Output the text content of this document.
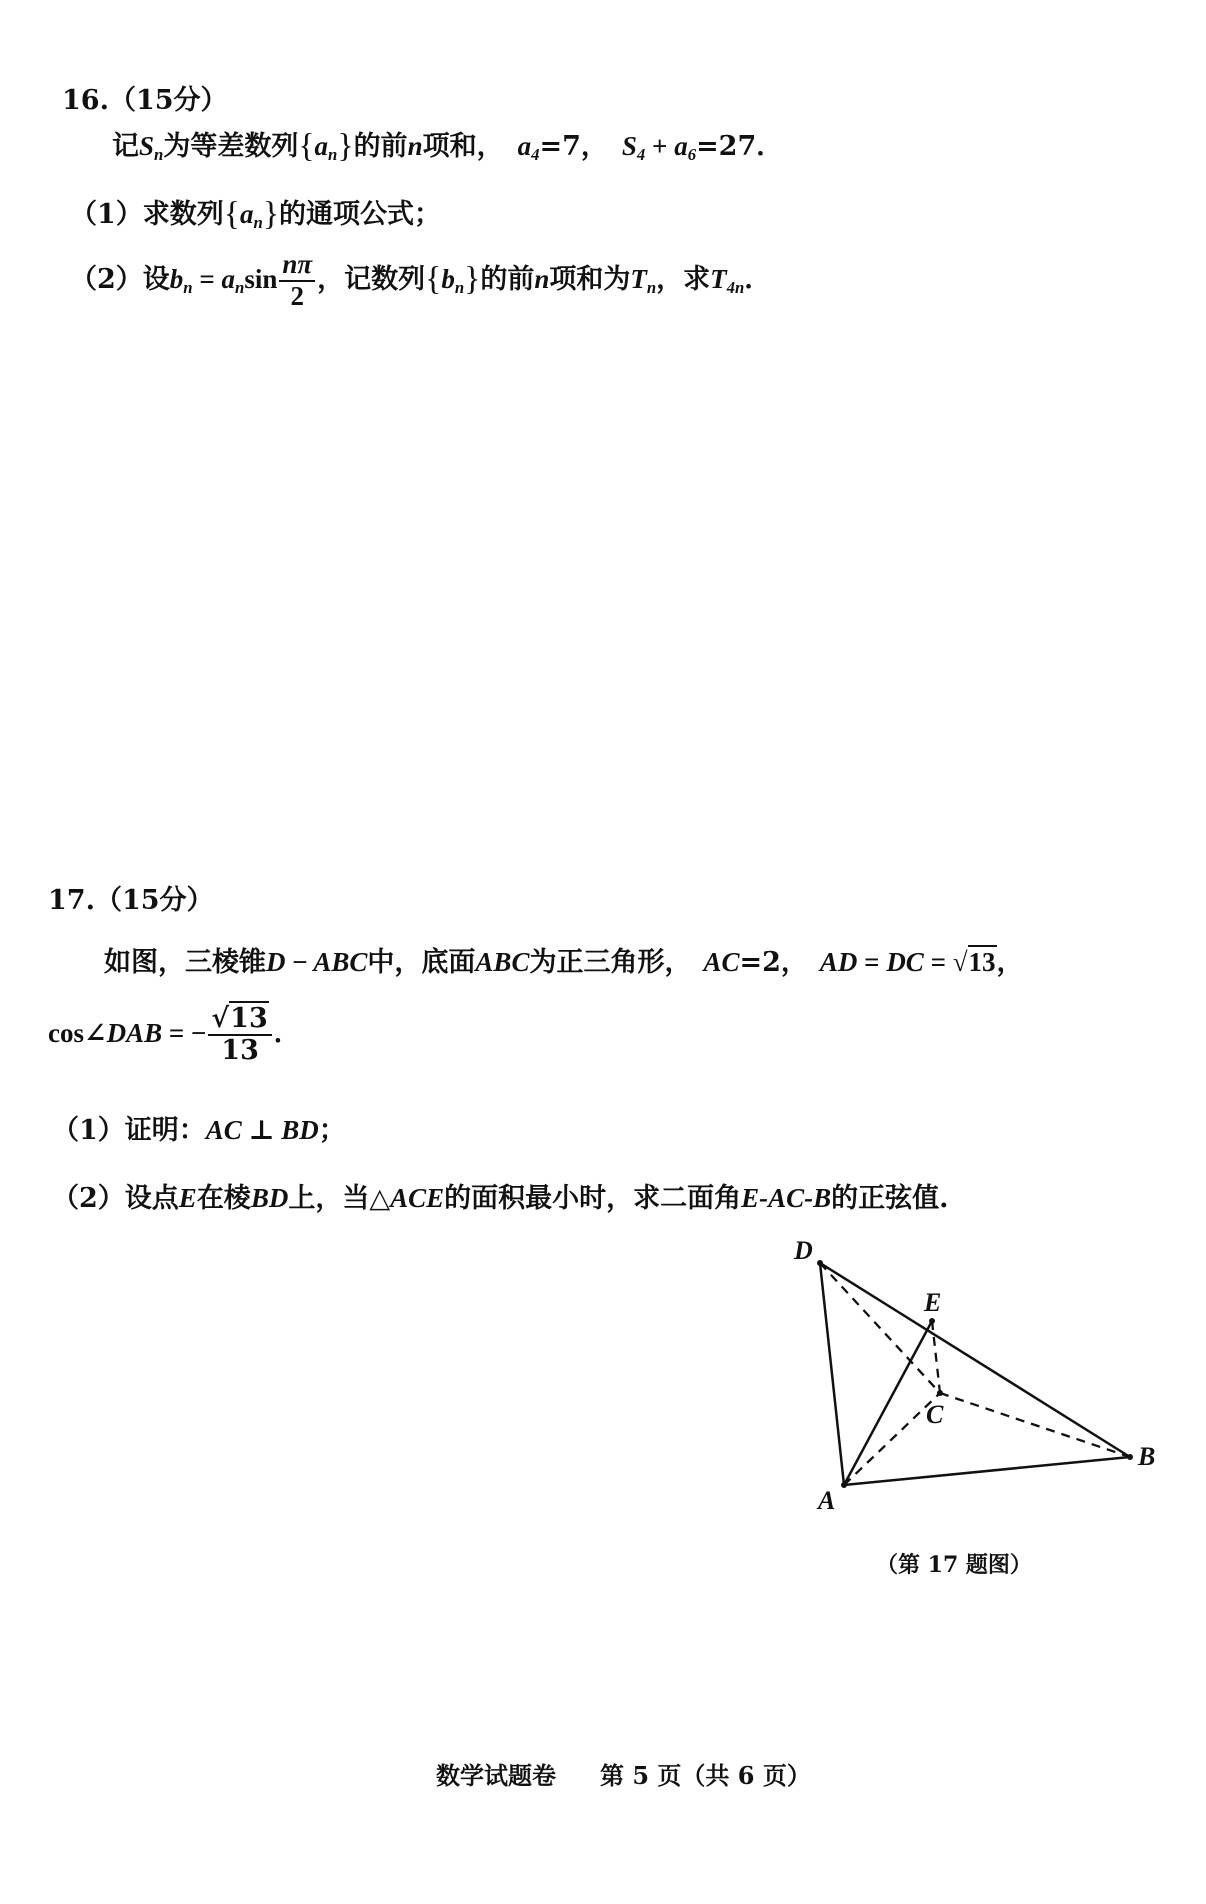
16.（15分）
记$S_n$为等差数列$\{a_n\}$的前n项和， $a_4=7$， $S_4 + a_6=27$．
（1）求数列$\{a_n\}$的通项公式；
（2）设$b_n = a_n\sin \frac{n\pi}{2}$ ，记数列$\{b_n\}$的前n项和为$T_n$，求$T_{4n}$．
17.（15分）
如图，三棱锥D − ABC中，底面ABC为正三角形， AC=2， AD = DC = √13，
cos∠DAB = − $\frac{√13}{13}$ ．
（1）证明：AC ⊥ BD；
（2）设点E在棱BD上，当△ACE的面积最小时，求二面角E-AC-B的正弦值.
D
E
C
A
B
（第 17 题图）
数学试题卷 第 5 页（共 6 页）
